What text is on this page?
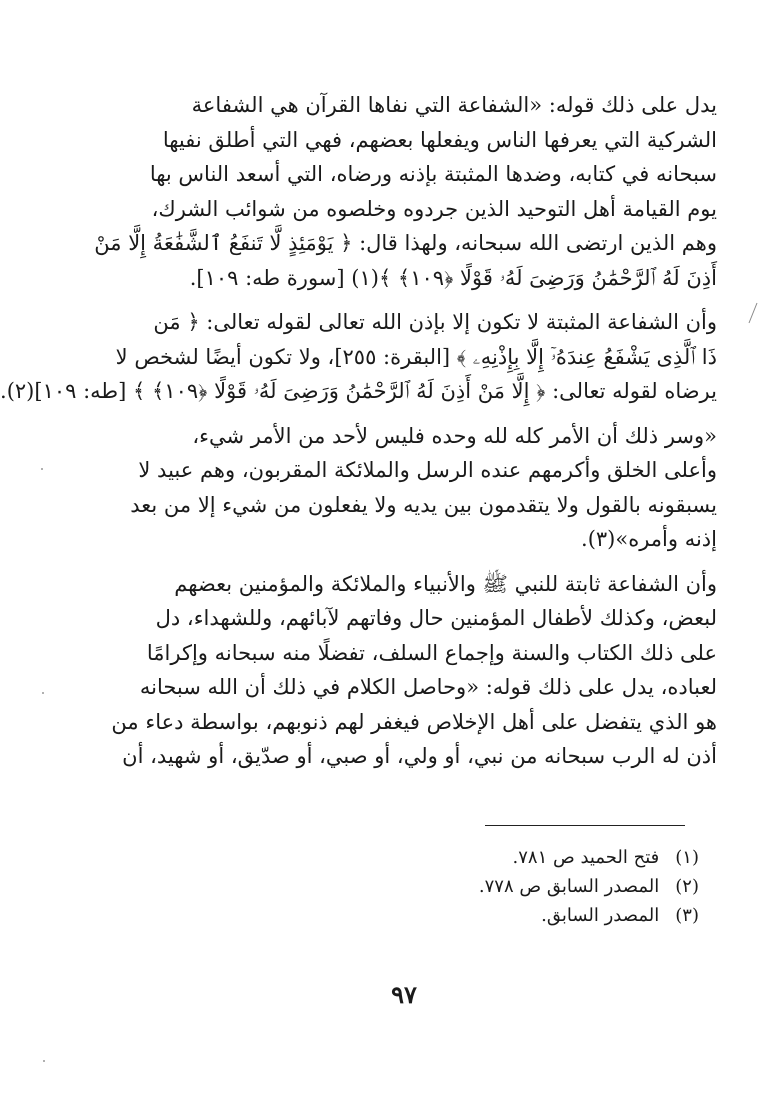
يدل على ذلك قوله: «الشفاعة التي نفاها القرآن هي الشفاعة
الشركية التي يعرفها الناس ويفعلها بعضهم، فهي التي أطلق نفيها
سبحانه في كتابه، وضدها المثبتة بإذنه ورضاه، التي أسعد الناس بها
يوم القيامة أهل التوحيد الذين جردوه وخلصوه من شوائب الشرك،
وهم الذين ارتضى الله سبحانه، ولهذا قال: ﴿ يَوْمَئِذٍ لَّا تَنفَعُ ٱلشَّفَٰعَةُ إِلَّا مَنْ
أَذِنَ لَهُ ٱلرَّحْمَٰنُ وَرَضِىَ لَهُۥ قَوْلًا ﴿١٠٩﴾ ﴾(١) [سورة طه: ١٠٩].

وأن الشفاعة المثبتة لا تكون إلا بإذن الله تعالى لقوله تعالى: ﴿ مَن
ذَا ٱلَّذِى يَشْفَعُ عِندَهُۥٓ إِلَّا بِإِذْنِهِۦ ﴾ [البقرة: ٢٥٥]، ولا تكون أيضًا لشخص لا
يرضاه لقوله تعالى: ﴿ إِلَّا مَنْ أَذِنَ لَهُ ٱلرَّحْمَٰنُ وَرَضِىَ لَهُۥ قَوْلًا ﴿١٠٩﴾ ﴾ [طه: ١٠٩](٢).

«وسر ذلك أن الأمر كله لله وحده فليس لأحد من الأمر شيء،
وأعلى الخلق وأكرمهم عنده الرسل والملائكة المقربون، وهم عبيد لا
يسبقونه بالقول ولا يتقدمون بين يديه ولا يفعلون من شيء إلا من بعد
إذنه وأمره»(٣).

وأن الشفاعة ثابتة للنبي ﷺ والأنبياء والملائكة والمؤمنين بعضهم
لبعض، وكذلك لأطفال المؤمنين حال وفاتهم لآبائهم، وللشهداء، دل
على ذلك الكتاب والسنة وإجماع السلف، تفضلًا منه سبحانه وإكرامًا
لعباده، يدل على ذلك قوله: «وحاصل الكلام في ذلك أن الله سبحانه
هو الذي يتفضل على أهل الإخلاص فيغفر لهم ذنوبهم، بواسطة دعاء من
أذن له الرب سبحانه من نبي، أو ولي، أو صبي، أو صدّيق، أو شهيد، أن

(١) فتح الحميد ص ٧٨١.
(٢) المصدر السابق ص ٧٧٨.
(٣) المصدر السابق.
٩٧
